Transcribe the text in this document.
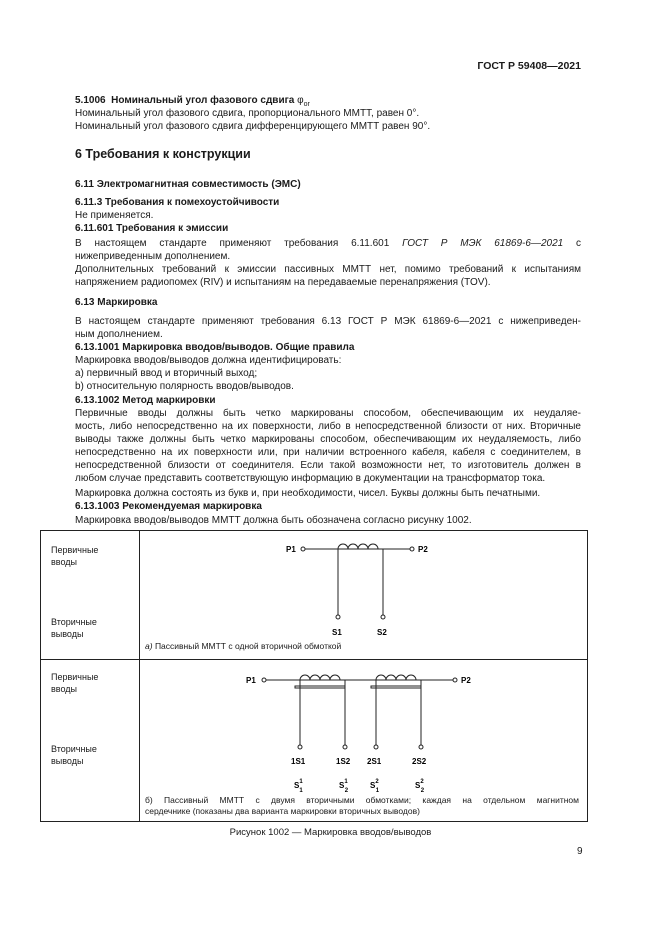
ГОСТ Р 59408—2021
5.1006 Номинальный угол фазового сдвига $\varphi_{or}$
Номинальный угол фазового сдвига, пропорционального ММТТ, равен 0°.
Номинальный угол фазового сдвига дифференцирующего ММТТ равен 90°.
6 Требования к конструкции
6.11 Электромагнитная совместимость (ЭМС)
6.11.3 Требования к помехоустойчивости
Не применяется.
6.11.601 Требования к эмиссии
В настоящем стандарте применяют требования 6.11.601 ГОСТ Р МЭК 61869-6—2021 с
нижеприведенным дополнением.
Дополнительных требований к эмиссии пассивных ММТТ нет, помимо требований к испытаниям
напряжением радиопомех (RIV) и испытаниям на передаваемые перенапряжения (TOV).
6.13 Маркировка
В настоящем стандарте применяют требования 6.13 ГОСТ Р МЭК 61869-6—2021 с нижеприведен-
ным дополнением.
6.13.1001 Маркировка вводов/выводов. Общие правила
Маркировка вводов/выводов должна идентифицировать:
a) первичный ввод и вторичный выход;
b) относительную полярность вводов/выводов.
6.13.1002 Метод маркировки
Первичные вводы должны быть четко маркированы способом, обеспечивающим их неудаляе-
мость, либо непосредственно на их поверхности, либо в непосредственной близости от них. Вторичные
выводы также должны быть четко маркированы способом, обеспечивающим их неудаляемость, либо
непосредственно на их поверхности или, при наличии встроенного кабеля, кабеля с соединителем, в
непосредственной близости от соединителя. Если такой возможности нет, то изготовитель должен в
любом случае представить соответствующую информацию в документации на трансформатор тока.
Маркировка должна состоять из букв и, при необходимости, чисел. Буквы должны быть печатными.
6.13.1003 Рекомендуемая маркировка
Маркировка вводов/выводов ММТТ должна быть обозначена согласно рисунку 1002.
Первичные
вводы
Вторичные
выводы
Первичные
вводы
Вторичные
выводы
P1	P2
S1	S2
a) Пассивный ММТТ с одной вторичной обмоткой
P1	P2
1S1	1S2 2S1	2S2
$S^1$ 1
$S^1$ 2
$S^2$ 1
$S^2$ 2
б) Пассивный ММТТ с двумя вторичными обмотками; каждая на отдельном магнитном
сердечнике (показаны два варианта маркировки вторичных выводов)
Рисунок 1002 — Маркировка вводов/выводов
9
